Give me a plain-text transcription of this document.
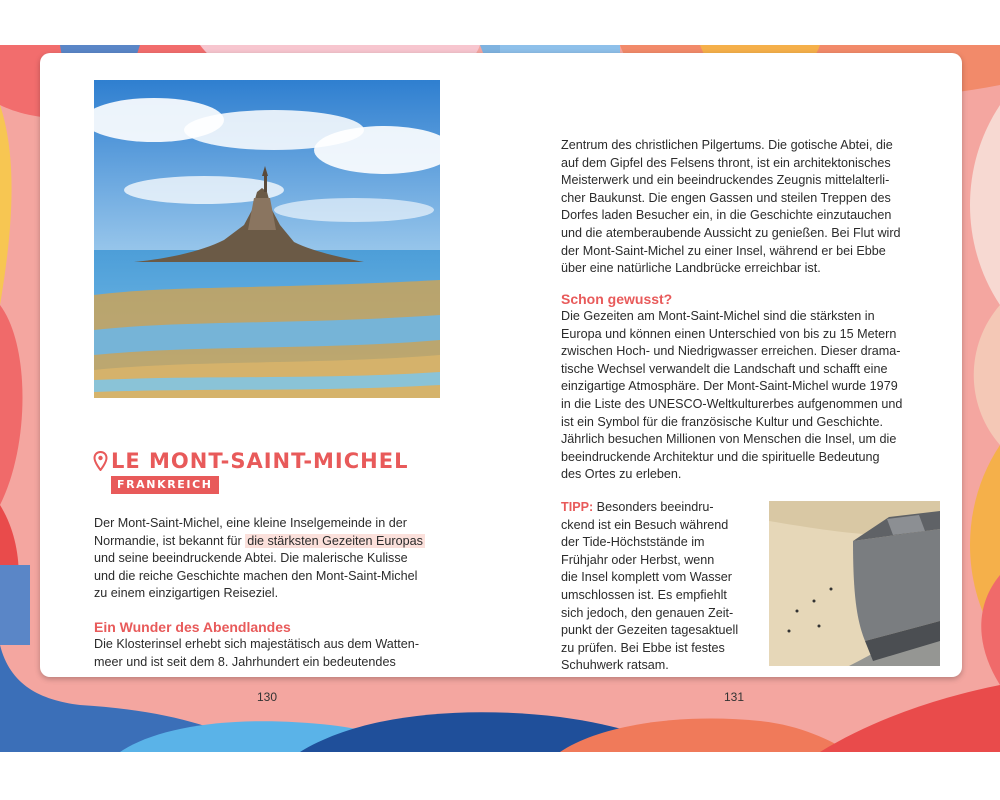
ORIGINELL WOHNEN
LE MONT-SAINT-MICHEL
FRANKREICH

Der Mont-Saint-Michel, eine kleine Inselgemeinde in der

Normandie, ist bekannt für die stärksten Gezeiten Europas

und seine beeindruckende Abtei. Die malerische Kulisse

und die reiche Geschichte machen den Mont-Saint-Michel

zu einem einzigartigen Reiseziel.

Ein Wunder des Abendlandes

Die Klosterinsel erhebt sich majestätisch aus dem Watten-

meer und ist seit dem 8. Jahrhundert ein bedeutendes

130

Zentrum des christlichen Pilgertums. Die gotische Abtei, die

auf dem Gipfel des Felsens thront, ist ein architektonisches

Meisterwerk und ein beeindruckendes Zeugnis mittelalterli-

cher Baukunst. Die engen Gassen und steilen Treppen des

Dorfes laden Besucher ein, in die Geschichte einzutauchen

und die atemberaubende Aussicht zu genießen. Bei Flut wird

der Mont-Saint-Michel zu einer Insel, während er bei Ebbe

über eine natürliche Landbrücke erreichbar ist.

Schon gewusst?

Die Gezeiten am Mont-Saint-Michel sind die stärksten in

Europa und können einen Unterschied von bis zu 15 Metern

zwischen Hoch- und Niedrigwasser erreichen. Dieser drama-

tische Wechsel verwandelt die Landschaft und schafft eine

einzigartige Atmosphäre. Der Mont-Saint-Michel wurde 1979

in die Liste des UNESCO-Weltkulturerbes aufgenommen und

ist ein Symbol für die französische Kultur und Geschichte.

Jährlich besuchen Millionen von Menschen die Insel, um die

beeindruckende Architektur und die spirituelle Bedeutung

des Ortes zu erleben.

TIPP: Besonders beeindru-

ckend ist ein Besuch während

der Tide-Höchststände im

Frühjahr oder Herbst, wenn

die Insel komplett vom Wasser

umschlossen ist. Es empfiehlt

sich jedoch, den genauen Zeit-

punkt der Gezeiten tagesaktuell

zu prüfen. Bei Ebbe ist festes

Schuhwerk ratsam.

131
